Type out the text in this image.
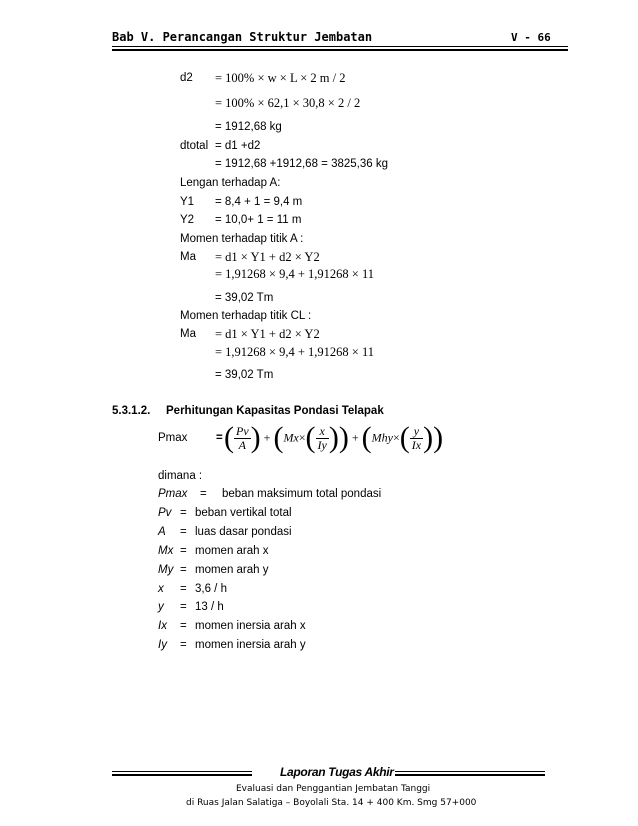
Bab V. Perancangan Struktur Jembatan	V - 66
d2 = 100% × w × L × 2 m / 2
= 100% × 62,1 × 30,8 × 2 / 2
= 1912,68 kg
dtotal = d1 +d2
= 1912,68 +1912,68 = 3825,36 kg
Lengan terhadap A:
Y1 = 8,4 + 1 = 9,4 m
Y2 = 10,0+ 1 = 11 m
Momen terhadap titik A :
Ma = d1 × Y1 + d2 × Y2
= 1,91268 × 9,4 + 1,91268 × 11
= 39,02 Tm
Momen terhadap titik CL :
Ma = d1 × Y1 + d2 × Y2
= 1,91268 × 9,4 + 1,91268 × 11
= 39,02 Tm
5.3.1.2. Perhitungan Kapasitas Pondasi Telapak
Pmax = ( $\frac{Pv}{A}$ ) + ($Mx\times( \frac{x}{Iy}$ )) + ($Mhy\times( \frac{y}{Ix}$ ))
dimana :
Pmax = beban maksimum total pondasi
Pv = beban vertikal total
A = luas dasar pondasi
Mx = momen arah x
My = momen arah y
x = 3,6 / h
y = 13 / h
Ix = momen inersia arah x
Iy = momen inersia arah y
Laporan Tugas Akhir
Evaluasi dan Penggantian Jembatan Tanggi
di Ruas Jalan Salatiga – Boyolali Sta. 14 + 400 Km. Smg 57+000
